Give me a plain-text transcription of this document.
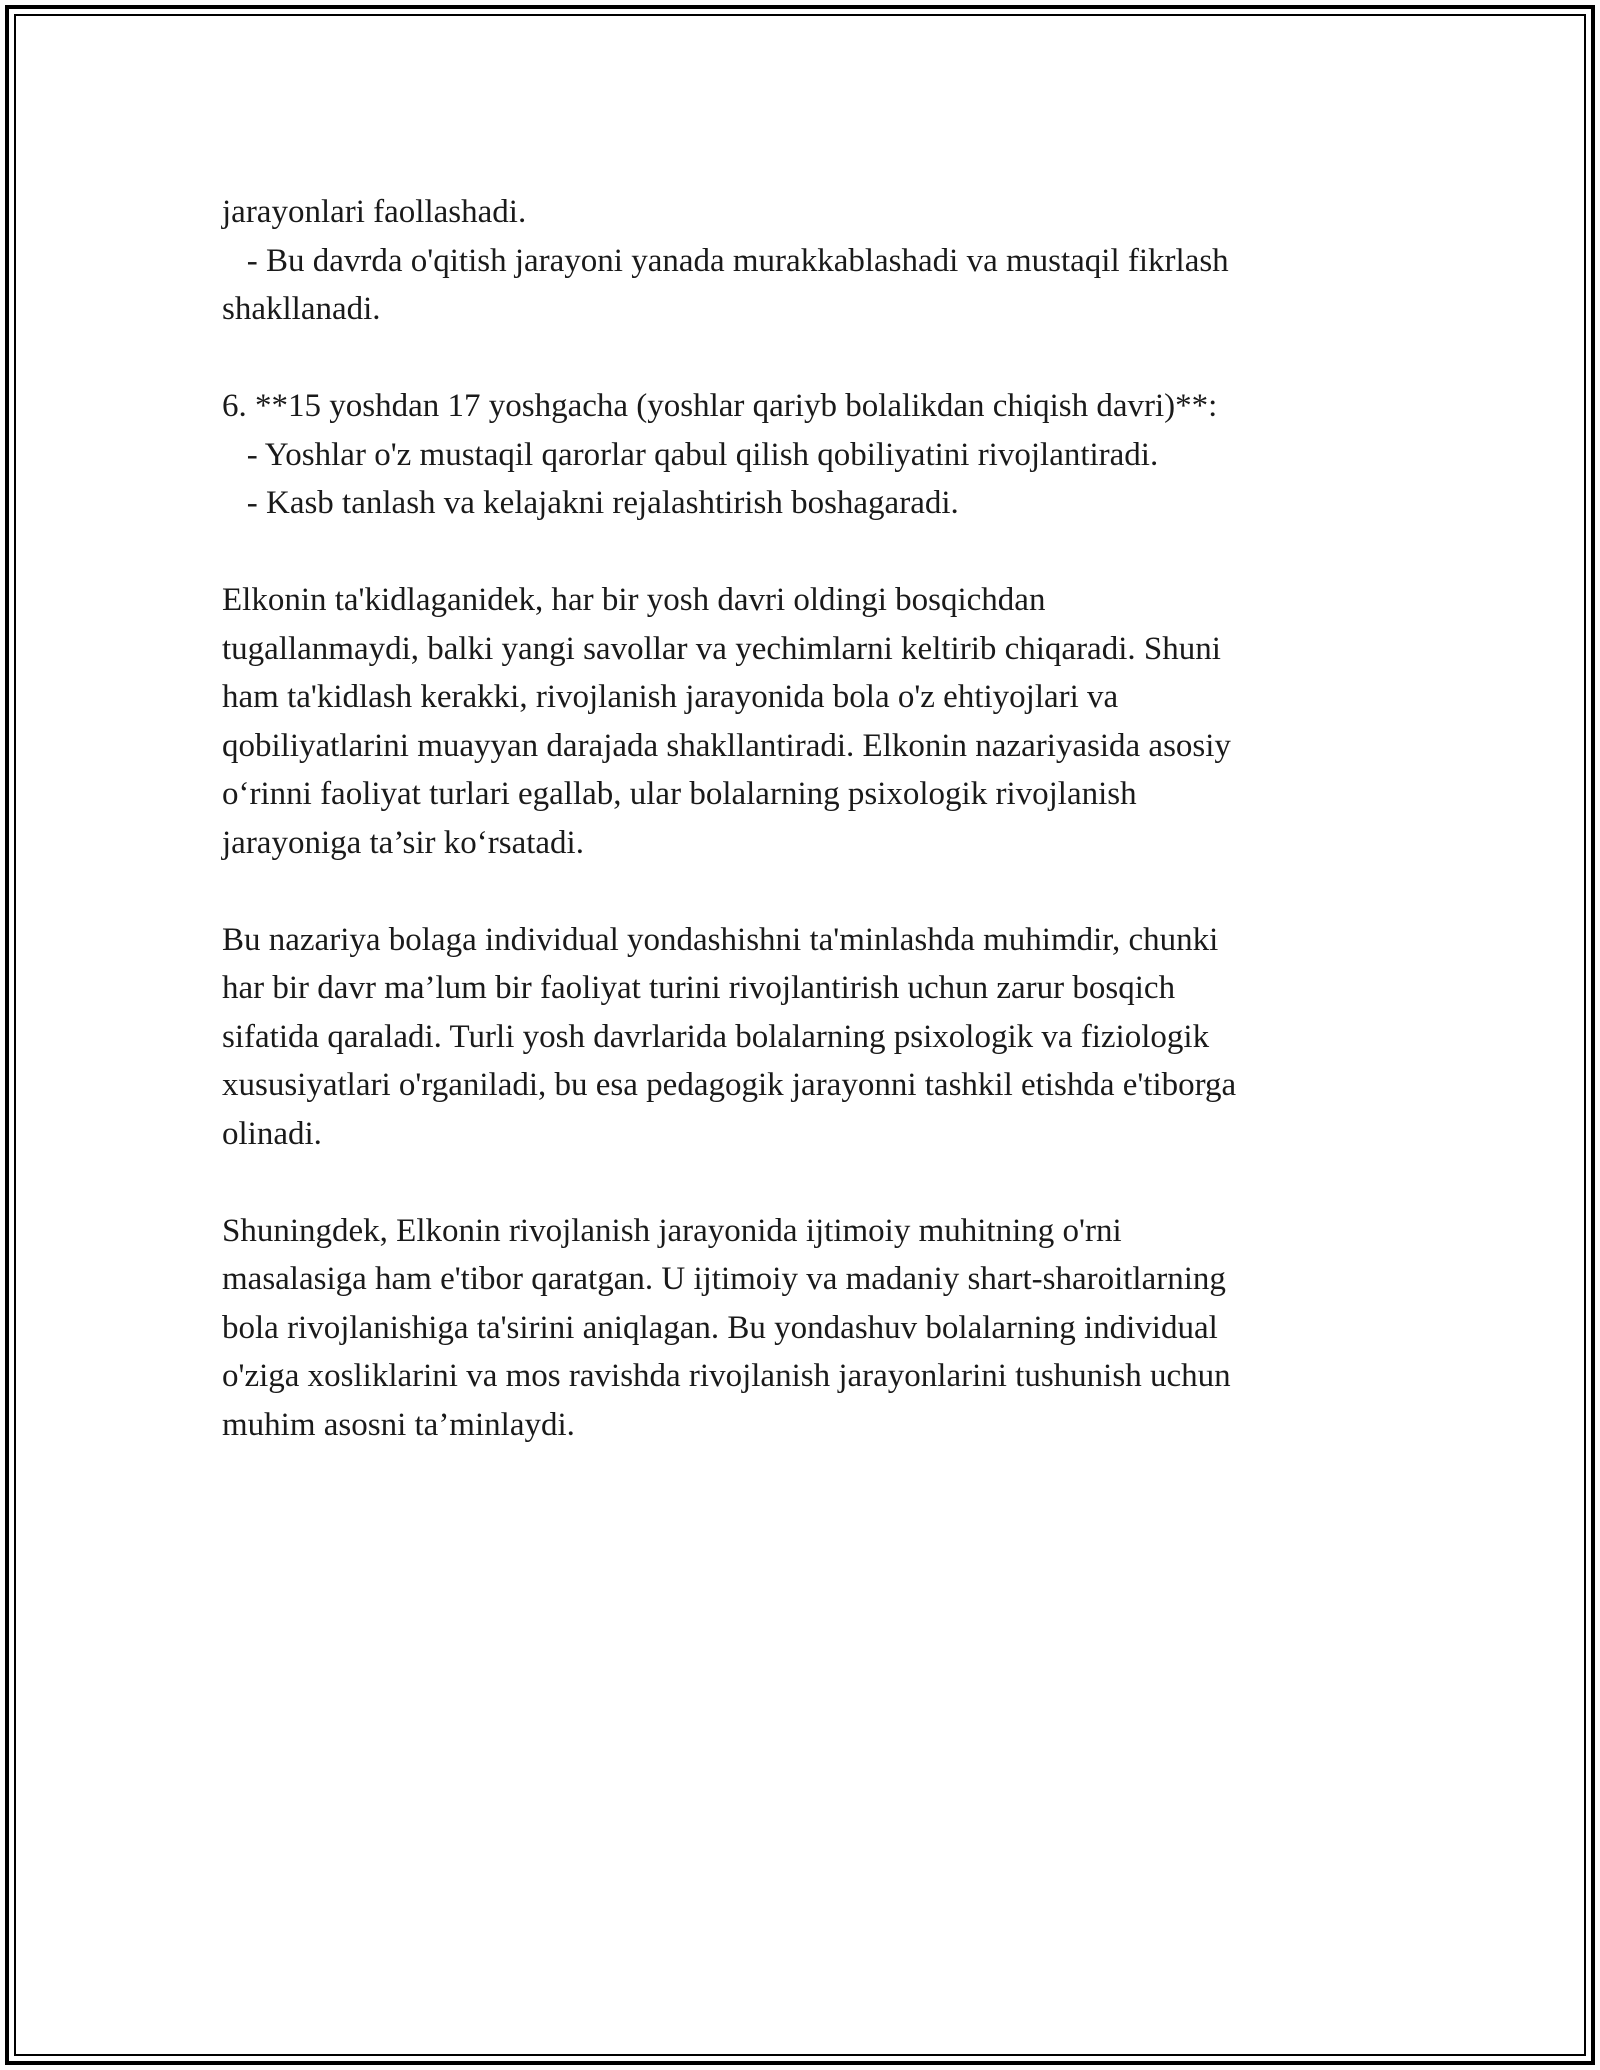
jarayonlari faollashadi.
- Bu davrda o'qitish jarayoni yanada murakkablashadi va mustaqil fikrlash
shakllanadi.
6. **15 yoshdan 17 yoshgacha (yoshlar qariyb bolalikdan chiqish davri)**:
- Yoshlar o'z mustaqil qarorlar qabul qilish qobiliyatini rivojlantiradi.
- Kasb tanlash va kelajakni rejalashtirish boshagaradi.
Elkonin ta'kidlaganidek, har bir yosh davri oldingi bosqichdan
tugallanmaydi, balki yangi savollar va yechimlarni keltirib chiqaradi. Shuni
ham ta'kidlash kerakki, rivojlanish jarayonida bola o'z ehtiyojlari va
qobiliyatlarini muayyan darajada shakllantiradi. Elkonin nazariyasida asosiy
o‘rinni faoliyat turlari egallab, ular bolalarning psixologik rivojlanish
jarayoniga ta’sir ko‘rsatadi.
Bu nazariya bolaga individual yondashishni ta'minlashda muhimdir, chunki
har bir davr ma’lum bir faoliyat turini rivojlantirish uchun zarur bosqich
sifatida qaraladi. Turli yosh davrlarida bolalarning psixologik va fiziologik
xususiyatlari o'rganiladi, bu esa pedagogik jarayonni tashkil etishda e'tiborga
olinadi.
Shuningdek, Elkonin rivojlanish jarayonida ijtimoiy muhitning o'rni
masalasiga ham e'tibor qaratgan. U ijtimoiy va madaniy shart-sharoitlarning
bola rivojlanishiga ta'sirini aniqlagan. Bu yondashuv bolalarning individual
o'ziga xosliklarini va mos ravishda rivojlanish jarayonlarini tushunish uchun
muhim asosni ta’minlaydi.
